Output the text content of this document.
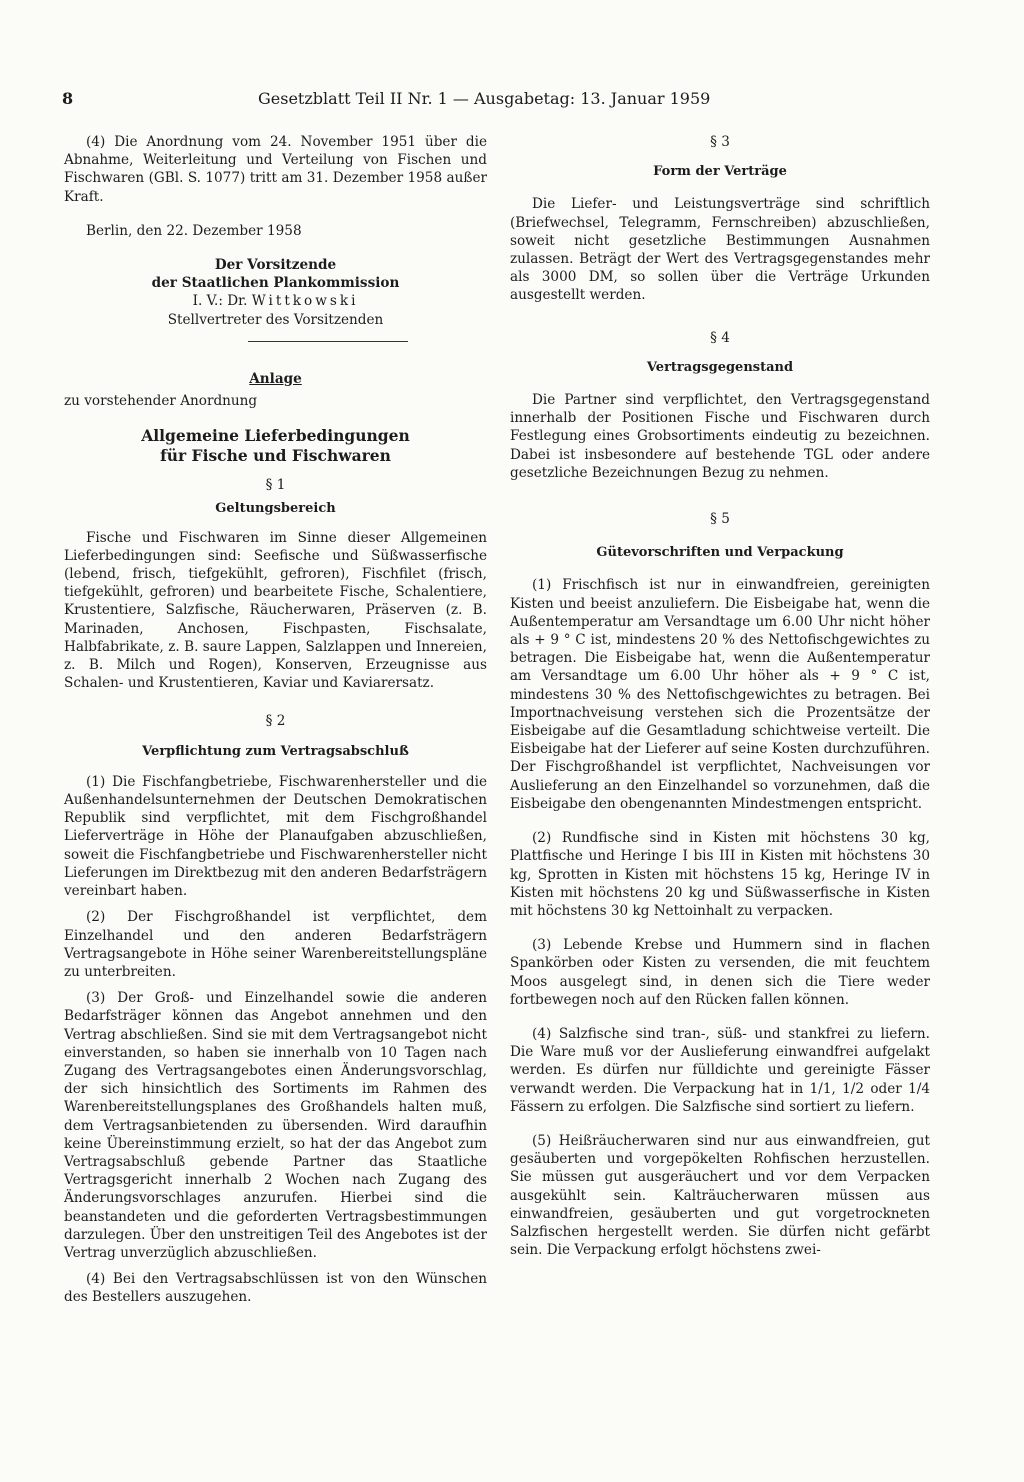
8	Gesetzblatt Teil II Nr. 1 — Ausgabetag: 13. Januar 1959

(4) Die Anordnung vom 24. November 1951 über die Abnahme, Weiterleitung und Verteilung von Fischen und Fischwaren (GBl. S. 1077) tritt am 31. Dezember 1958 außer Kraft.

Berlin, den 22. Dezember 1958

Der Vorsitzende

der Staatlichen Plankommission

I. V.: Dr. Wittkowski

Stellvertreter des Vorsitzenden

Anlage

zu vorstehender Anordnung

Allgemeine Lieferbedingungen

für Fische und Fischwaren

§ 1

Geltungsbereich

Fische und Fischwaren im Sinne dieser Allgemeinen Lieferbedingungen sind: Seefische und Süßwasserfische (lebend, frisch, tiefgekühlt, gefroren), Fischfilet (frisch, tiefgekühlt, gefroren) und bearbeitete Fische, Schalentiere, Krustentiere, Salzfische, Räucherwaren, Präserven (z. B. Marinaden, Anchosen, Fischpasten, Fischsalate, Halbfabrikate, z. B. saure Lappen, Salzlappen und Innereien, z. B. Milch und Rogen), Konserven, Erzeugnisse aus Schalen- und Krustentieren, Kaviar und Kaviarersatz.

§ 2

Verpflichtung zum Vertragsabschluß

(1) Die Fischfangbetriebe, Fischwarenhersteller und die Außenhandelsunternehmen der Deutschen Demokratischen Republik sind verpflichtet, mit dem Fischgroßhandel Lieferverträge in Höhe der Planaufgaben abzuschließen, soweit die Fischfangbetriebe und Fischwarenhersteller nicht Lieferungen im Direktbezug mit den anderen Bedarfsträgern vereinbart haben.

(2) Der Fischgroßhandel ist verpflichtet, dem Einzelhandel und den anderen Bedarfsträgern Vertragsangebote in Höhe seiner Warenbereitstellungspläne zu unterbreiten.

(3) Der Groß- und Einzelhandel sowie die anderen Bedarfsträger können das Angebot annehmen und den Vertrag abschließen. Sind sie mit dem Vertragsangebot nicht einverstanden, so haben sie innerhalb von 10 Tagen nach Zugang des Vertragsangebotes einen Änderungsvorschlag, der sich hinsichtlich des Sortiments im Rahmen des Warenbereitstellungsplanes des Großhandels halten muß, dem Vertragsanbietenden zu übersenden. Wird daraufhin keine Übereinstimmung erzielt, so hat der das Angebot zum Vertragsabschluß gebende Partner das Staatliche Vertragsgericht innerhalb 2 Wochen nach Zugang des Änderungsvorschlages anzurufen. Hierbei sind die beanstandeten und die geforderten Vertragsbestimmungen darzulegen. Über den unstreitigen Teil des Angebotes ist der Vertrag unverzüglich abzuschließen.

(4) Bei den Vertragsabschlüssen ist von den Wünschen des Bestellers auszugehen.

§ 3

Form der Verträge

Die Liefer- und Leistungsverträge sind schriftlich (Briefwechsel, Telegramm, Fernschreiben) abzuschließen, soweit nicht gesetzliche Bestimmungen Ausnahmen zulassen. Beträgt der Wert des Vertragsgegenstandes mehr als 3000 DM, so sollen über die Verträge Urkunden ausgestellt werden.

§ 4

Vertragsgegenstand

Die Partner sind verpflichtet, den Vertragsgegenstand innerhalb der Positionen Fische und Fischwaren durch Festlegung eines Grobsortiments eindeutig zu bezeichnen. Dabei ist insbesondere auf bestehende TGL oder andere gesetzliche Bezeichnungen Bezug zu nehmen.

§ 5

Gütevorschriften und Verpackung

(1) Frischfisch ist nur in einwandfreien, gereinigten Kisten und beeist anzuliefern. Die Eisbeigabe hat, wenn die Außentemperatur am Versandtage um 6.00 Uhr nicht höher als + 9 ° C ist, mindestens 20 % des Nettofischgewichtes zu betragen. Die Eisbeigabe hat, wenn die Außentemperatur am Versandtage um 6.00 Uhr höher als + 9 ° C ist, mindestens 30 % des Nettofischgewichtes zu betragen. Bei Importnachveisung verstehen sich die Prozentsätze der Eisbeigabe auf die Gesamtladung schichtweise verteilt. Die Eisbeigabe hat der Lieferer auf seine Kosten durchzuführen. Der Fischgroßhandel ist verpflichtet, Nachveisungen vor Auslieferung an den Einzelhandel so vorzunehmen, daß die Eisbeigabe den obengenannten Mindestmengen entspricht.

(2) Rundfische sind in Kisten mit höchstens 30 kg, Plattfische und Heringe I bis III in Kisten mit höchstens 30 kg, Sprotten in Kisten mit höchstens 15 kg, Heringe IV in Kisten mit höchstens 20 kg und Süßwasserfische in Kisten mit höchstens 30 kg Nettoinhalt zu verpacken.

(3) Lebende Krebse und Hummern sind in flachen Spankörben oder Kisten zu versenden, die mit feuchtem Moos ausgelegt sind, in denen sich die Tiere weder fortbewegen noch auf den Rücken fallen können.

(4) Salzfische sind tran-, süß- und stankfrei zu liefern. Die Ware muß vor der Auslieferung einwandfrei aufgelakt werden. Es dürfen nur fülldichte und gereinigte Fässer verwandt werden. Die Verpackung hat in 1/1, 1/2 oder 1/4 Fässern zu erfolgen. Die Salzfische sind sortiert zu liefern.

(5) Heißräucherwaren sind nur aus einwandfreien, gut gesäuberten und vorgepökelten Rohfischen herzustellen. Sie müssen gut ausgeräuchert und vor dem Verpacken ausgekühlt sein. Kalträucherwaren müssen aus einwandfreien, gesäuberten und gut vorgetrockneten Salzfischen hergestellt werden. Sie dürfen nicht gefärbt sein. Die Verpackung erfolgt höchstens zwei-
